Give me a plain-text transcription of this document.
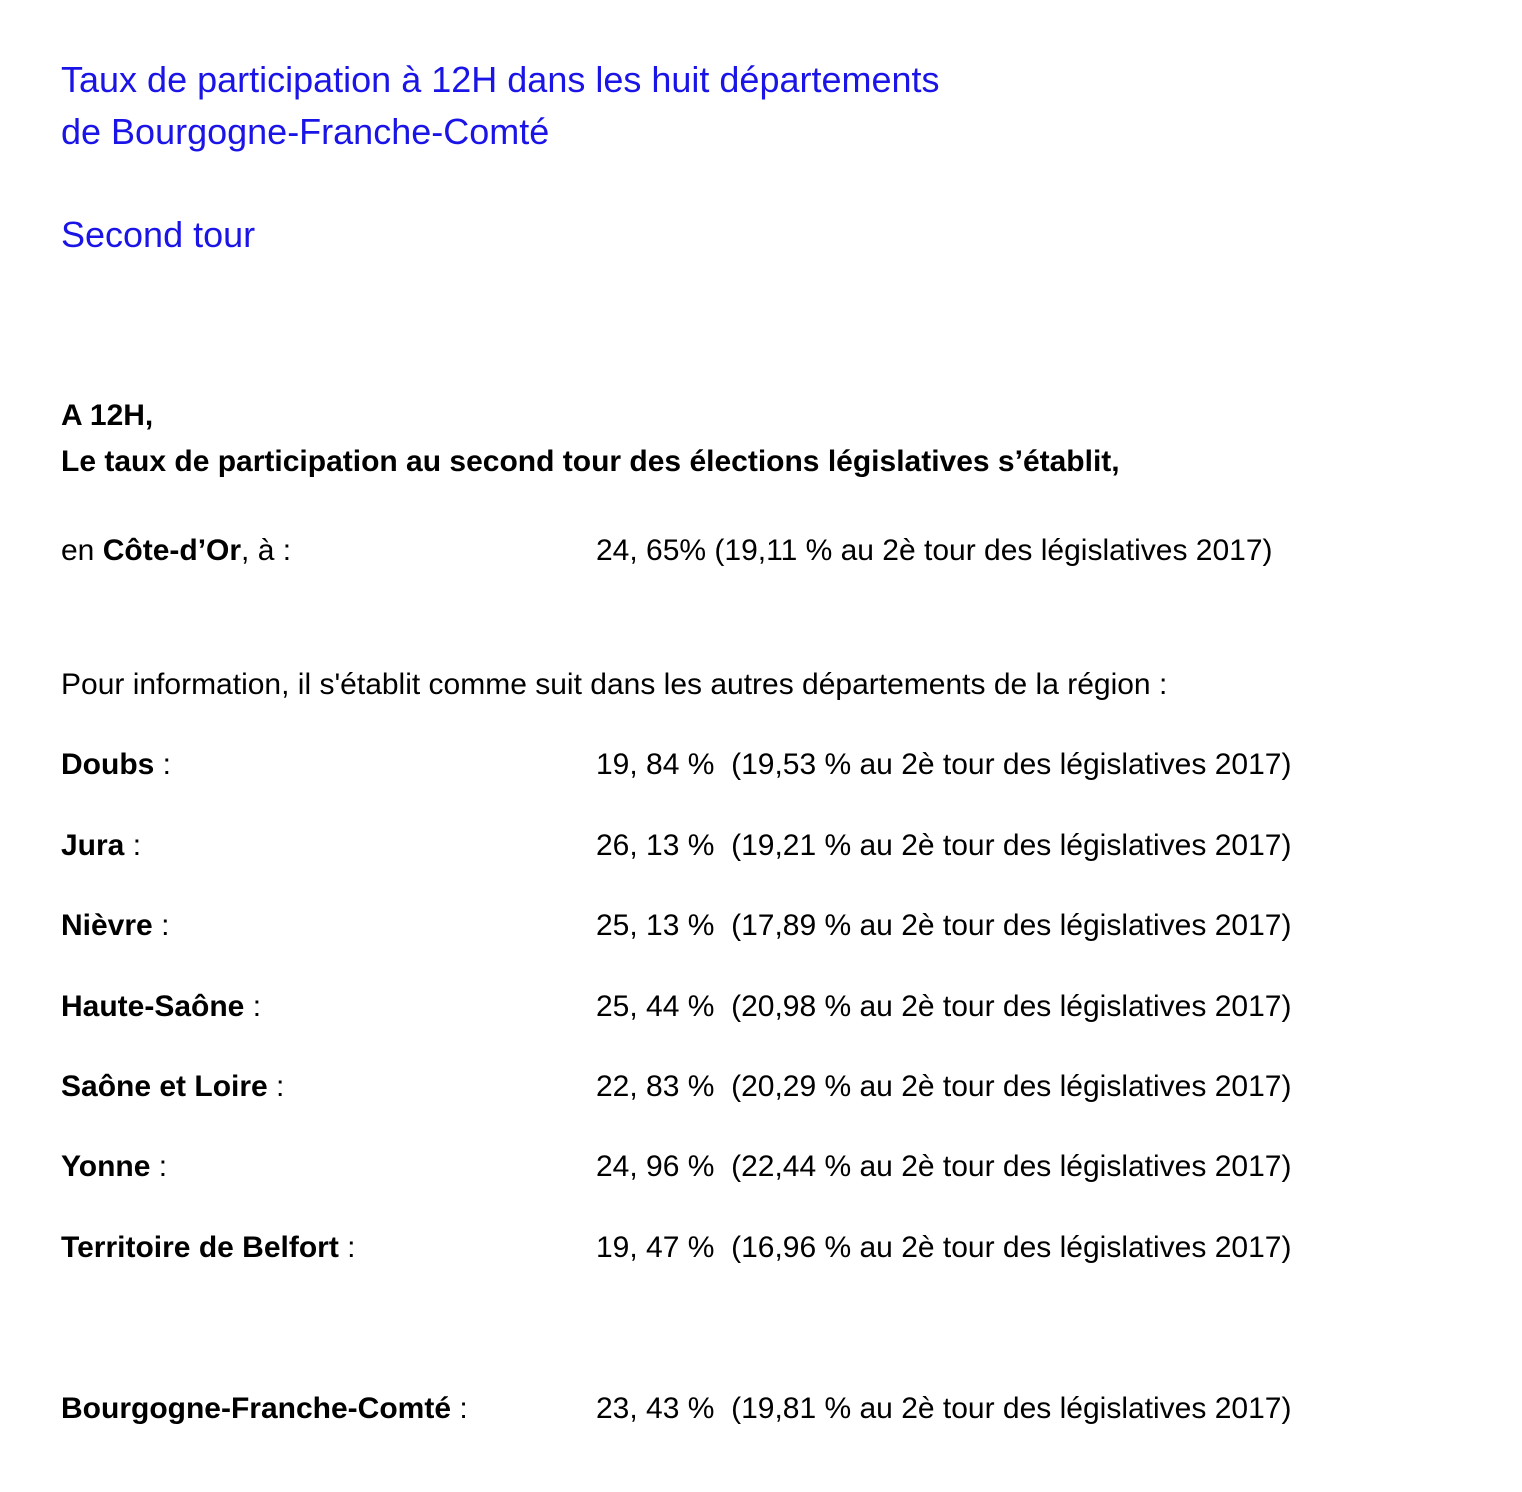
Taux de participation à 12H dans les huit départements
de Bourgogne-Franche-Comté
Second tour
A 12H,
Le taux de participation au second tour des élections législatives s’établit,
en Côte-d’Or, à :	24, 65% (19,11 % au 2è tour des législatives 2017)
Pour information, il s'établit comme suit dans les autres départements de la région :
Doubs :	19, 84 %  (19,53 % au 2è tour des législatives 2017)
Jura :	26, 13 %  (19,21 % au 2è tour des législatives 2017)
Nièvre :	25, 13 %  (17,89 % au 2è tour des législatives 2017)
Haute-Saône :	25, 44 %  (20,98 % au 2è tour des législatives 2017)
Saône et Loire :	22, 83 %  (20,29 % au 2è tour des législatives 2017)
Yonne :	24, 96 %  (22,44 % au 2è tour des législatives 2017)
Territoire de Belfort :	19, 47 %  (16,96 % au 2è tour des législatives 2017)
Bourgogne-Franche-Comté :	23, 43 %  (19,81 % au 2è tour des législatives 2017)
